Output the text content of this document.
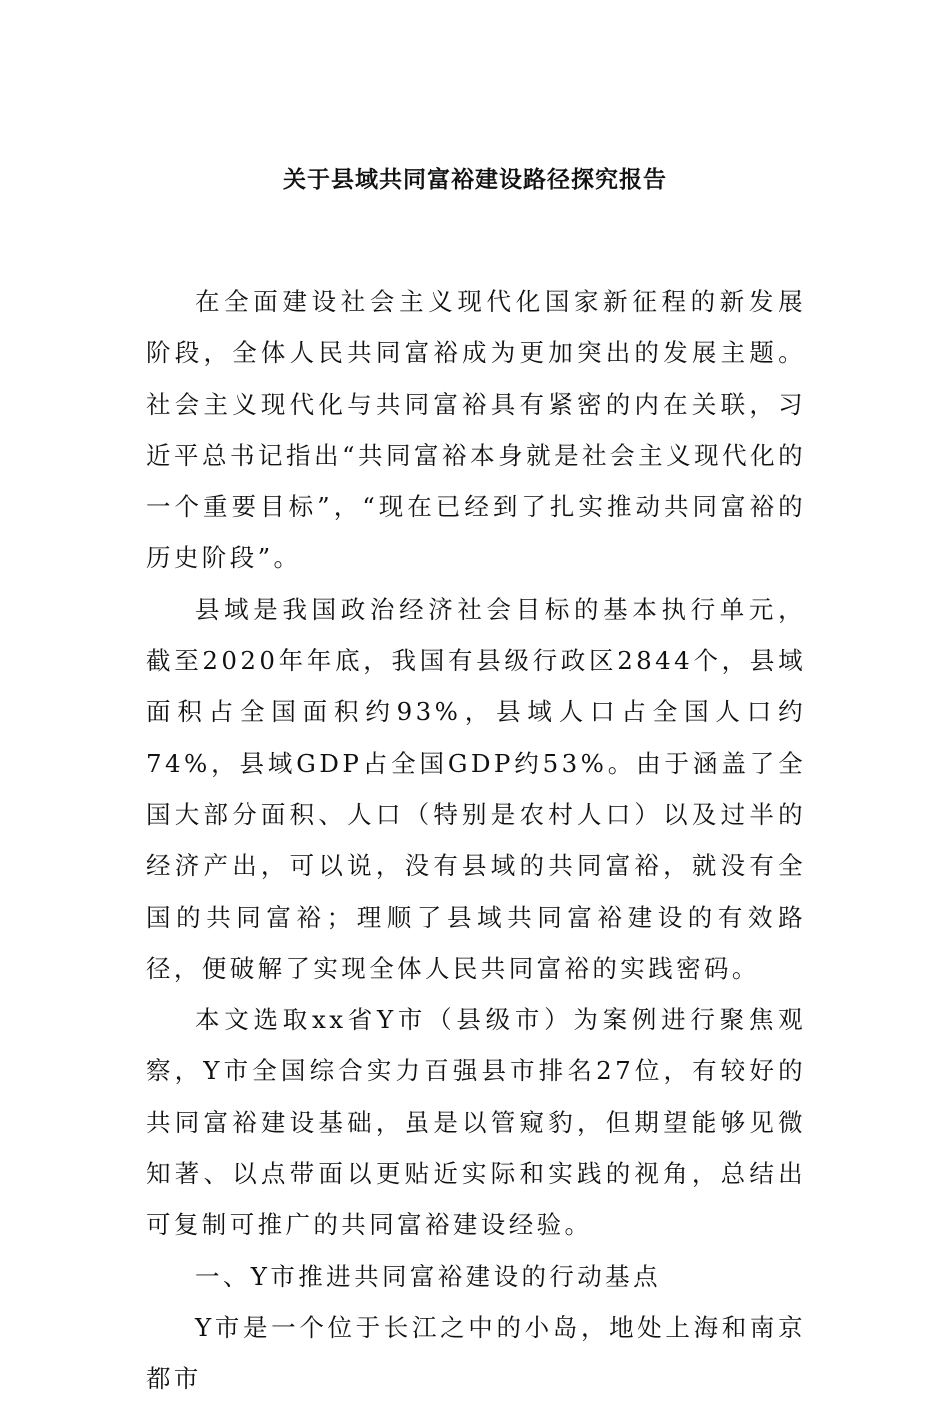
关于县域共同富裕建设路径探究报告

在全面建设社会主义现代化国家新征程的新发展阶段，全体人民共同富裕成为更加突出的发展主题。社会主义现代化与共同富裕具有紧密的内在关联，习近平总书记指出“共同富裕本身就是社会主义现代化的一个重要目标”，“现在已经到了扎实推动共同富裕的历史阶段”。

县域是我国政治经济社会目标的基本执行单元，截至2020年年底，我国有县级行政区2844个，县域面积占全国面积约93%，县域人口占全国人口约74%，县域GDP占全国GDP约53%。由于涵盖了全国大部分面积、人口（特别是农村人口）以及过半的经济产出，可以说，没有县域的共同富裕，就没有全国的共同富裕；理顺了县域共同富裕建设的有效路径，便破解了实现全体人民共同富裕的实践密码。

本文选取xx省Y市（县级市）为案例进行聚焦观察，Y市全国综合实力百强县市排名27位，有较好的共同富裕建设基础，虽是以管窥豹，但期望能够见微知著、以点带面以更贴近实际和实践的视角，总结出可复制可推广的共同富裕建设经验。

一、Y市推进共同富裕建设的行动基点

Y市是一个位于长江之中的小岛，地处上海和南京都市
